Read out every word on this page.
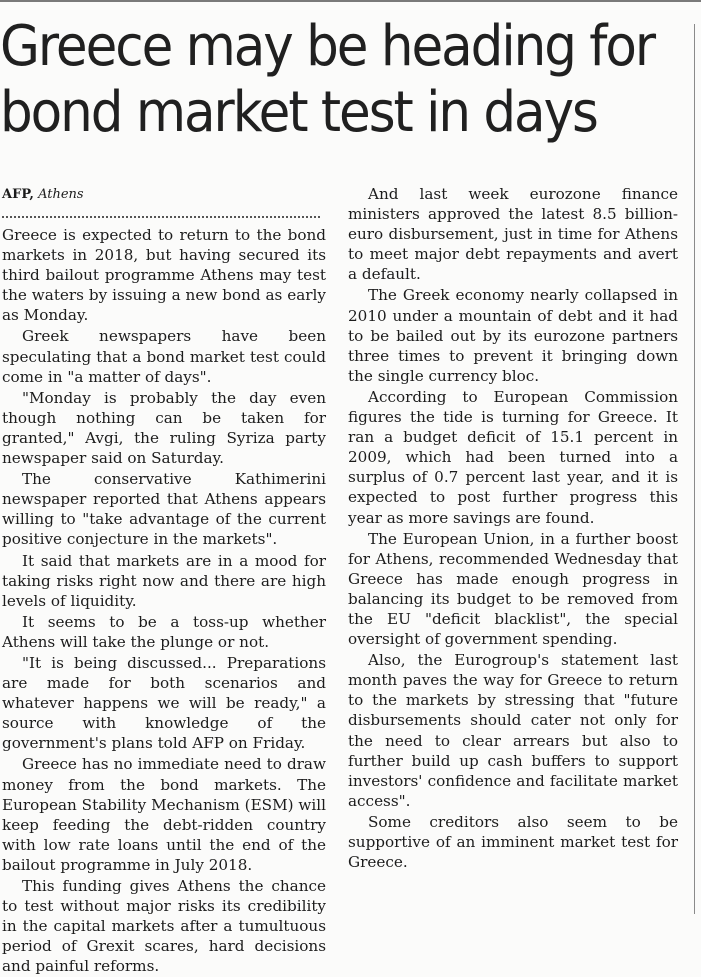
Greece may be heading for
bond market test in days
AFP, Athens

Greece is expected to return to the bond markets in 2018, but having secured its third bailout programme Athens may test the waters by issuing a new bond as early as Monday.

Greek newspapers have been speculating that a bond market test could come in "a matter of days".

"Monday is probably the day even though nothing can be taken for granted," Avgi, the ruling Syriza party newspaper said on Saturday.

The conservative Kathimerini newspaper reported that Athens appears willing to "take advantage of the current positive conjecture in the markets".

It said that markets are in a mood for taking risks right now and there are high levels of liquidity.

It seems to be a toss-up whether Athens will take the plunge or not.

"It is being discussed... Preparations are made for both scenarios and whatever happens we will be ready," a source with knowledge of the government's plans told AFP on Friday.

Greece has no immediate need to draw money from the bond markets. The European Stability Mechanism (ESM) will keep feeding the debt-ridden country with low rate loans until the end of the bailout programme in July 2018.

This funding gives Athens the chance to test without major risks its credibility in the capital markets after a tumultuous period of Grexit scares, hard decisions and painful reforms.

And last week eurozone finance ministers approved the latest 8.5 billion-euro disbursement, just in time for Athens to meet major debt repayments and avert a default.

The Greek economy nearly collapsed in 2010 under a mountain of debt and it had to be bailed out by its eurozone partners three times to prevent it bringing down the single currency bloc.

According to European Commission figures the tide is turning for Greece. It ran a budget deficit of 15.1 percent in 2009, which had been turned into a surplus of 0.7 percent last year, and it is expected to post further progress this year as more savings are found.

The European Union, in a further boost for Athens, recommended Wednesday that Greece has made enough progress in balancing its budget to be removed from the EU "deficit blacklist", the special oversight of government spending.

Also, the Eurogroup's statement last month paves the way for Greece to return to the markets by stressing that "future disbursements should cater not only for the need to clear arrears but also to further build up cash buffers to support investors' confidence and facilitate market access".

Some creditors also seem to be supportive of an imminent market test for Greece.
